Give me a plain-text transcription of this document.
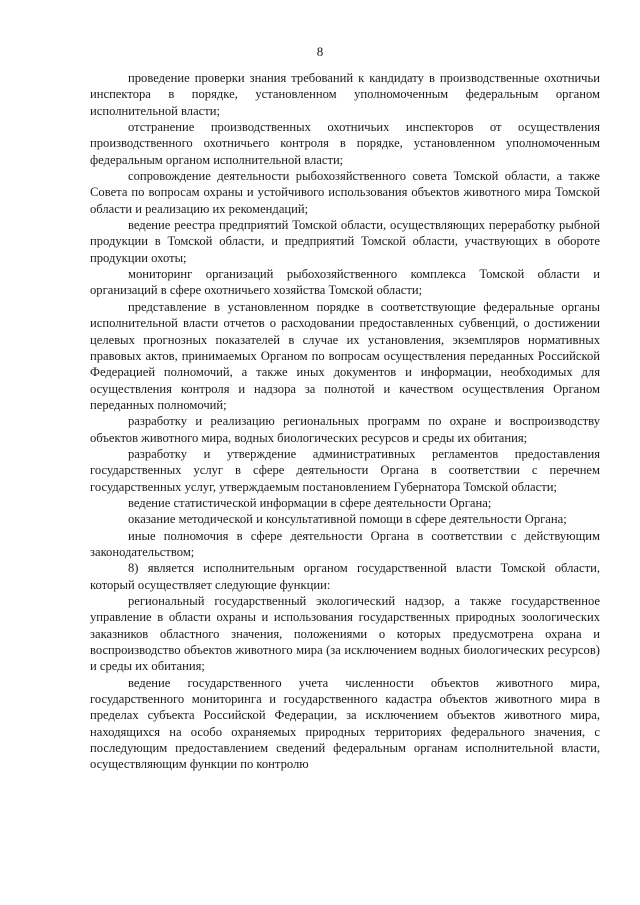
8

проведение проверки знания требований к кандидату в производственные охотничьи инспектора в порядке, установленном уполномоченным федеральным органом исполнительной власти;

отстранение производственных охотничьих инспекторов от осуществления производственного охотничьего контроля в порядке, установленном уполномоченным федеральным органом исполнительной власти;

сопровождение деятельности рыбохозяйственного совета Томской области, а также Совета по вопросам охраны и устойчивого использования объектов животного мира Томской области и реализацию их рекомендаций;

ведение реестра предприятий Томской области, осуществляющих переработку рыбной продукции в Томской области, и предприятий Томской области, участвующих в обороте продукции охоты;

мониторинг организаций рыбохозяйственного комплекса Томской области и организаций в сфере охотничьего хозяйства Томской области;

представление в установленном порядке в соответствующие федеральные органы исполнительной власти отчетов о расходовании предоставленных субвенций, о достижении целевых прогнозных показателей в случае их установления, экземпляров нормативных правовых актов, принимаемых Органом по вопросам осуществления переданных Российской Федерацией полномочий, а также иных документов и информации, необходимых для осуществления контроля и надзора за полнотой и качеством осуществления Органом переданных полномочий;

разработку и реализацию региональных программ по охране и воспроизводству объектов животного мира, водных биологических ресурсов и среды их обитания;

разработку и утверждение административных регламентов предоставления государственных услуг в сфере деятельности Органа в соответствии с перечнем государственных услуг, утверждаемым постановлением Губернатора Томской области;

ведение статистической информации в сфере деятельности Органа;

оказание методической и консультативной помощи в сфере деятельности Органа;

иные полномочия в сфере деятельности Органа в соответствии с действующим законодательством;

8) является исполнительным органом государственной власти Томской области, который осуществляет следующие функции:

региональный государственный экологический надзор, а также государственное управление в области охраны и использования государственных природных зоологических заказников областного значения, положениями о которых предусмотрена охрана и воспроизводство объектов животного мира (за исключением водных биологических ресурсов) и среды их обитания;

ведение государственного учета численности объектов животного мира, государственного мониторинга и государственного кадастра объектов животного мира в пределах субъекта Российской Федерации, за исключением объектов животного мира, находящихся на особо охраняемых природных территориях федерального значения, с последующим предоставлением сведений федеральным органам исполнительной власти, осуществляющим функции по контролю
